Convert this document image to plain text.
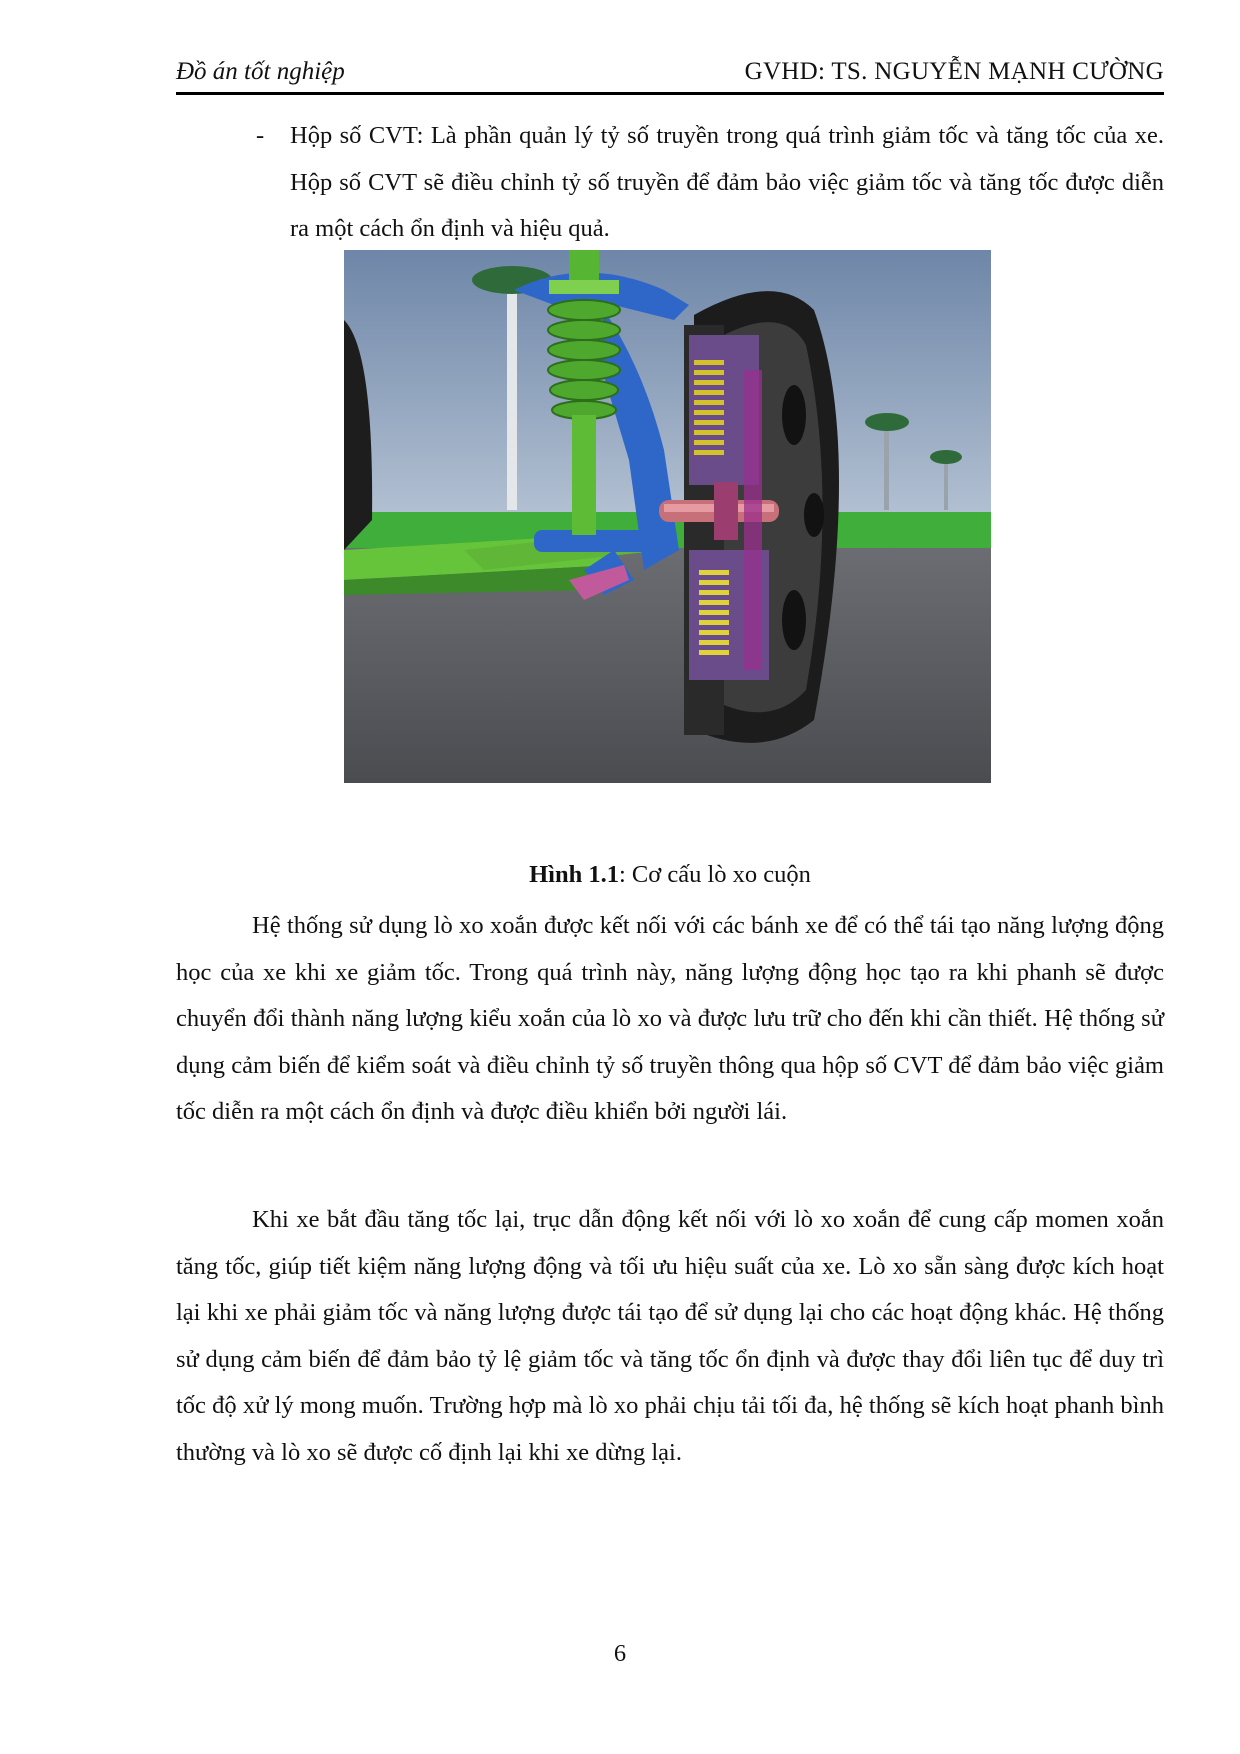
Đồ án tốt nghiệp	GVHD: TS. NGUYỄN MẠNH CƯỜNG
- Hộp số CVT: Là phần quản lý tỷ số truyền trong quá trình giảm tốc và tăng tốc của xe. Hộp số CVT sẽ điều chỉnh tỷ số truyền để đảm bảo việc giảm tốc và tăng tốc được diễn ra một cách ổn định và hiệu quả.

Hình 1.1: Cơ cấu lò xo cuộn

Hệ thống sử dụng lò xo xoắn được kết nối với các bánh xe để có thể tái tạo năng lượng động học của xe khi xe giảm tốc. Trong quá trình này, năng lượng động học tạo ra khi phanh sẽ được chuyển đổi thành năng lượng kiểu xoắn của lò xo và được lưu trữ cho đến khi cần thiết. Hệ thống sử dụng cảm biến để kiểm soát và điều chỉnh tỷ số truyền thông qua hộp số CVT để đảm bảo việc giảm tốc diễn ra một cách ổn định và được điều khiển bởi người lái.

Khi xe bắt đầu tăng tốc lại, trục dẫn động kết nối với lò xo xoắn để cung cấp momen xoắn tăng tốc, giúp tiết kiệm năng lượng động và tối ưu hiệu suất của xe. Lò xo sẵn sàng được kích hoạt lại khi xe phải giảm tốc và năng lượng được tái tạo để sử dụng lại cho các hoạt động khác. Hệ thống sử dụng cảm biến để đảm bảo tỷ lệ giảm tốc và tăng tốc ổn định và được thay đổi liên tục để duy trì tốc độ xử lý mong muốn. Trường hợp mà lò xo phải chịu tải tối đa, hệ thống sẽ kích hoạt phanh bình thường và lò xo sẽ được cố định lại khi xe dừng lại.

6
